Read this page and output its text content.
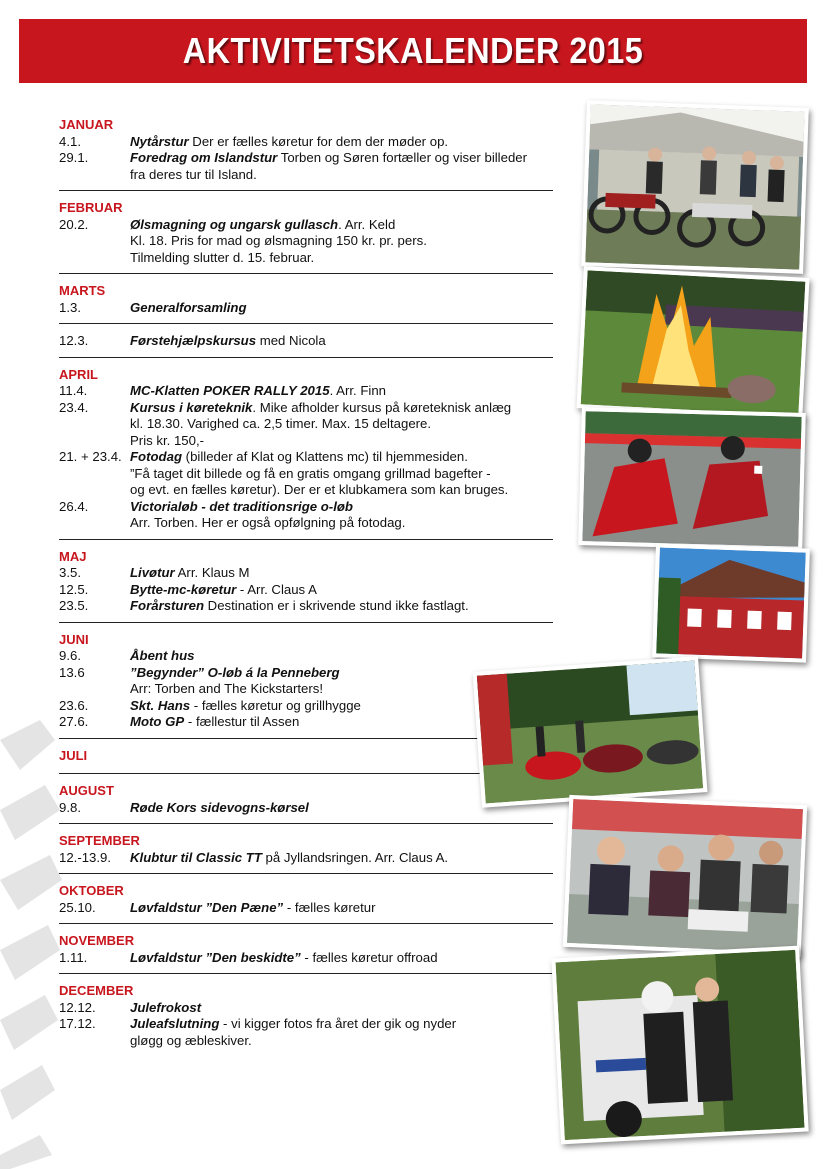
AKTIVITETSKALENDER 2015
JANUAR
4.1.	Nytårstur Der er fælles køretur for dem der møder op.
29.1.	Foredrag om Islandstur Torben og Søren fortæller og viser billeder
fra deres tur til Island.
FEBRUAR
20.2.	Ølsmagning og ungarsk gullasch. Arr. Keld
Kl. 18. Pris for mad og ølsmagning 150 kr. pr. pers.
Tilmelding slutter d. 15. februar.
MARTS
1.3.	Generalforsamling
12.3.	Førstehjælpskursus med Nicola
APRIL
11.4.	MC-Klatten POKER RALLY 2015. Arr. Finn
23.4.	Kursus i køreteknik. Mike afholder kursus på køreteknisk anlæg
kl. 18.30. Varighed ca. 2,5 timer. Max. 15 deltagere.
Pris kr. 150,-
21. + 23.4. Fotodag (billeder af Klat og Klattens mc) til hjemmesiden.
”Få taget dit billede og få en gratis omgang grillmad bagefter -
og evt. en fælles køretur). Der er et klubkamera som kan bruges.
26.4.	Victorialøb - det traditionsrige o-løb
Arr. Torben. Her er også opfølgning på fotodag.
MAJ
3.5.	Livøtur Arr. Klaus M
12.5.	Bytte-mc-køretur - Arr. Claus A
23.5.	Forårsturen Destination er i skrivende stund ikke fastlagt.
JUNI
9.6.	Åbent hus
13.6	”Begynder” O-løb á la Penneberg
Arr: Torben and The Kickstarters!
23.6.	Skt. Hans - fælles køretur og grillhygge
27.6.	Moto GP - fællestur til Assen
JULI
AUGUST
9.8.	Røde Kors sidevogns-kørsel
SEPTEMBER
12.-13.9.	Klubtur til Classic TT på Jyllandsringen. Arr. Claus A.
OKTOBER
25.10.	Løvfaldstur ”Den Pæne” - fælles køretur
NOVEMBER
1.11.	Løvfaldstur ”Den beskidte” - fælles køretur offroad
DECEMBER
12.12.	Julefrokost
17.12.	Juleafslutning - vi kigger fotos fra året der gik og nyder
gløgg og æbleskiver.
